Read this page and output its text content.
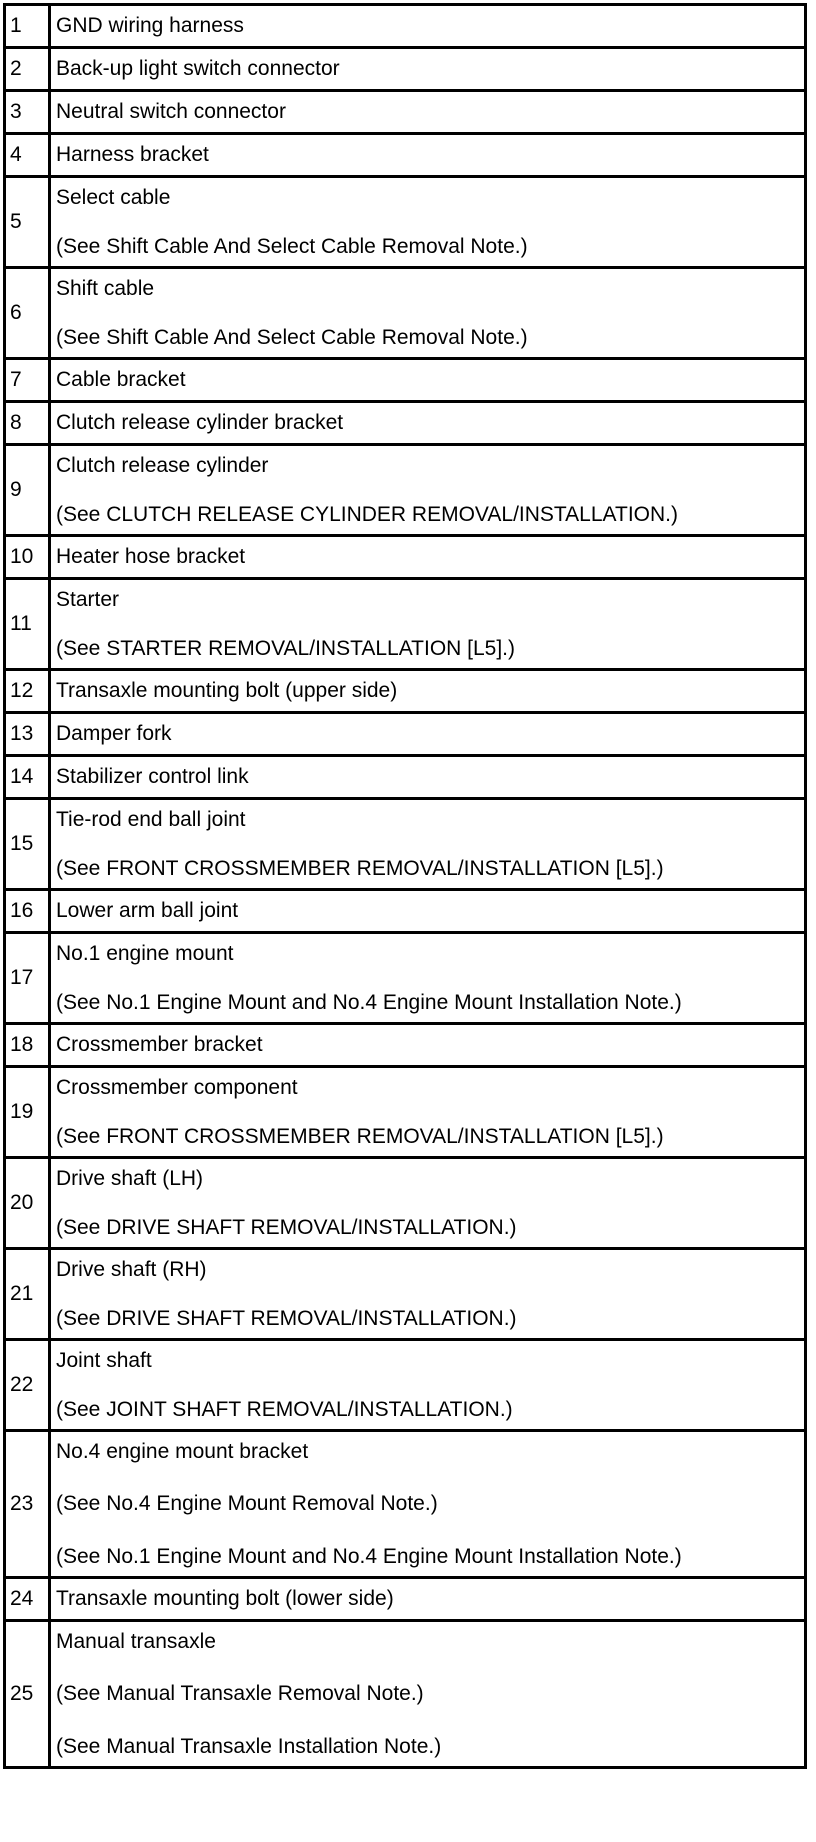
1	GND wiring harness

2	Back-up light switch connector

3	Neutral switch connector

4	Harness bracket

5	Select cable
(See Shift Cable And Select Cable Removal Note.)

6	Shift cable
(See Shift Cable And Select Cable Removal Note.)

7	Cable bracket

8	Clutch release cylinder bracket

9	Clutch release cylinder
(See CLUTCH RELEASE CYLINDER REMOVAL/INSTALLATION.)

10	Heater hose bracket

11	Starter
(See STARTER REMOVAL/INSTALLATION [L5].)

12	Transaxle mounting bolt (upper side)

13	Damper fork

14	Stabilizer control link

15	Tie-rod end ball joint
(See FRONT CROSSMEMBER REMOVAL/INSTALLATION [L5].)

16	Lower arm ball joint

17	No.1 engine mount
(See No.1 Engine Mount and No.4 Engine Mount Installation Note.)

18	Crossmember bracket

19	Crossmember component
(See FRONT CROSSMEMBER REMOVAL/INSTALLATION [L5].)

20	Drive shaft (LH)
(See DRIVE SHAFT REMOVAL/INSTALLATION.)

21	Drive shaft (RH)
(See DRIVE SHAFT REMOVAL/INSTALLATION.)

22	Joint shaft
(See JOINT SHAFT REMOVAL/INSTALLATION.)

23	No.4 engine mount bracket
(See No.4 Engine Mount Removal Note.)
(See No.1 Engine Mount and No.4 Engine Mount Installation Note.)

24	Transaxle mounting bolt (lower side)

25	Manual transaxle
(See Manual Transaxle Removal Note.)
(See Manual Transaxle Installation Note.)
